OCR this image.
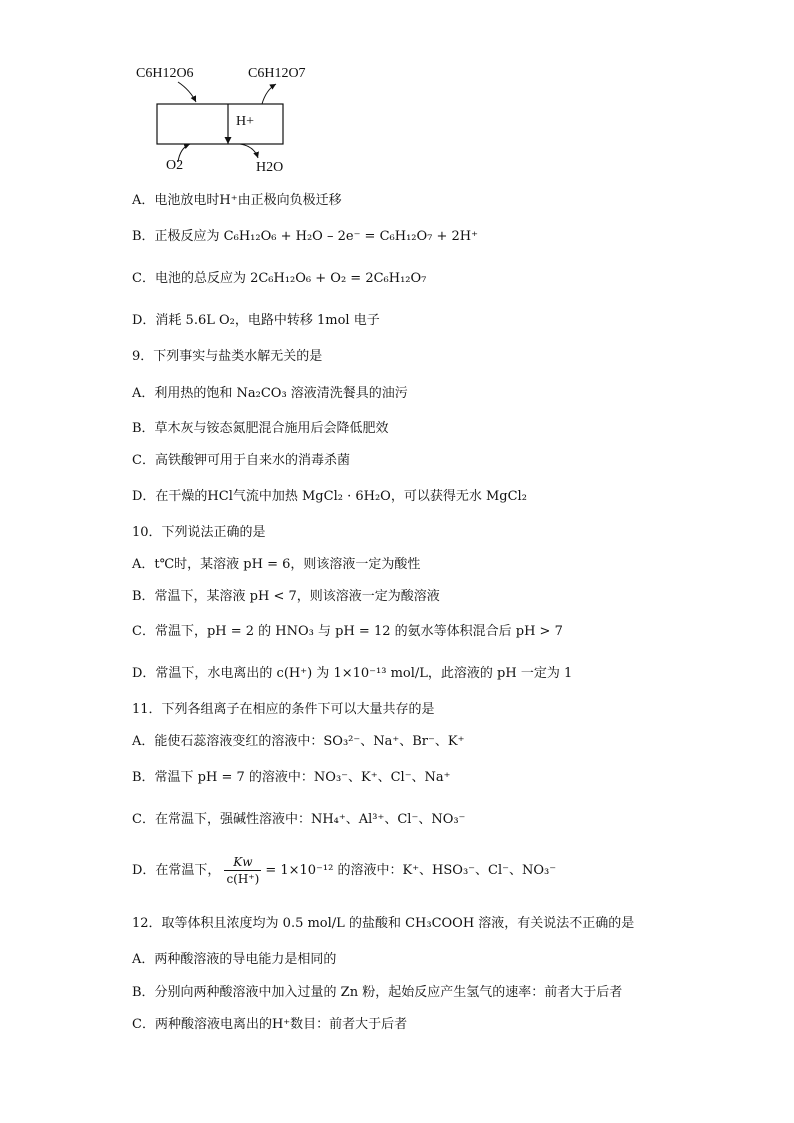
C6H12O6	C6H12O7
H+
O2	H2O
A．电池放电时H⁺由正极向负极迁移
B．正极反应为 C₆H₁₂O₆ + H₂O – 2e⁻ = C₆H₁₂O₇ + 2H⁺
C．电池的总反应为 2C₆H₁₂O₆ + O₂ = 2C₆H₁₂O₇
D．消耗 5.6L O₂，电路中转移 1mol 电子
9．下列事实与盐类水解无关的是
A．利用热的饱和 Na₂CO₃ 溶液清洗餐具的油污
B．草木灰与铵态氮肥混合施用后会降低肥效
C．高铁酸钾可用于自来水的消毒杀菌
D．在干燥的HCl气流中加热 MgCl₂ · 6H₂O，可以获得无水 MgCl₂
10．下列说法正确的是
A．t℃时，某溶液 pH = 6，则该溶液一定为酸性
B．常温下，某溶液 pH < 7，则该溶液一定为酸溶液
C．常温下，pH = 2 的 HNO₃ 与 pH = 12 的氨水等体积混合后 pH > 7
D．常温下，水电离出的 c(H⁺) 为 1×10⁻¹³ mol/L，此溶液的 pH 一定为 1
11．下列各组离子在相应的条件下可以大量共存的是
A．能使石蕊溶液变红的溶液中：SO₃²⁻、Na⁺、Br⁻、K⁺
B．常温下 pH = 7 的溶液中：NO₃⁻、K⁺、Cl⁻、Na⁺
C．在常温下，强碱性溶液中：NH₄⁺、Al³⁺、Cl⁻、NO₃⁻
D．在常温下， $\frac{Kw}{c(H^+)} = 1\times 10^{-12}$ 的溶液中：K⁺、HSO₃⁻、Cl⁻、NO₃⁻
12．取等体积且浓度均为 0.5 mol/L 的盐酸和 CH₃COOH 溶液，有关说法不正确的是
A．两种酸溶液的导电能力是相同的
B．分别向两种酸溶液中加入过量的 Zn 粉，起始反应产生氢气的速率：前者大于后者
C．两种酸溶液电离出的H⁺数目：前者大于后者
